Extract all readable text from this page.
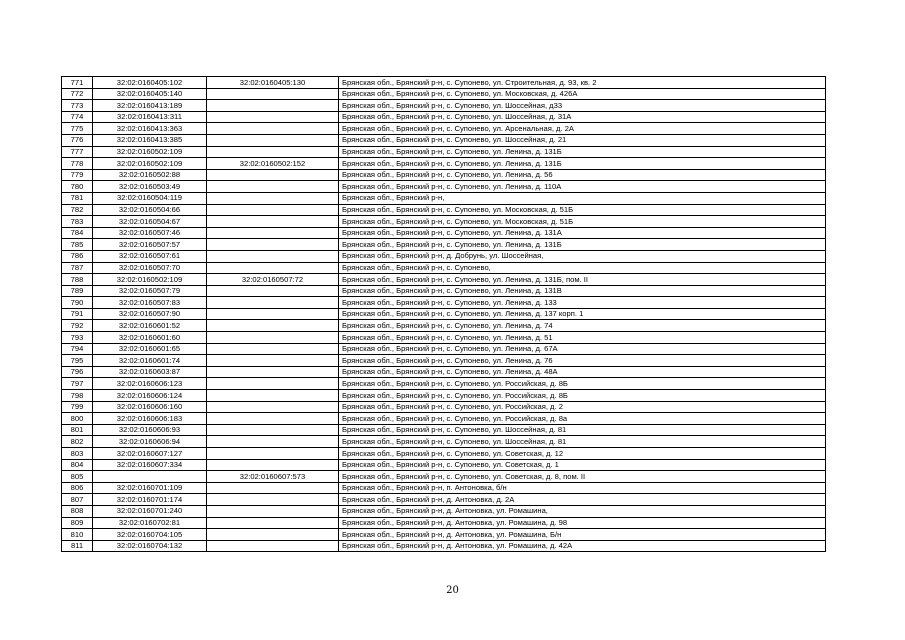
771	32:02:0160405:102	32:02:0160405:130	Брянская обл., Брянский р-н, с. Супонево, ул. Строительная, д. 93, кв. 2
772	32:02:0160405:140		Брянская обл., Брянский р-н, с. Супонево, ул. Московская, д. 426А
773	32:02:0160413:189		Брянская обл., Брянский р-н, с. Супонево, ул. Шоссейная, д33
774	32:02:0160413:311		Брянская обл., Брянский р-н, с. Супонево, ул. Шоссейная, д. 31А
775	32:02:0160413:363		Брянская обл., Брянский р-н, с. Супонево, ул. Арсенальная, д. 2А
776	32:02:0160413:385		Брянская обл., Брянский р-н, с. Супонево, ул. Шоссейная, д. 21
777	32:02:0160502:109		Брянская обл., Брянский р-н, с. Супонево, ул. Ленина, д. 131Б
778	32:02:0160502:109	32:02:0160502:152	Брянская обл., Брянский р-н, с. Супонево, ул. Ленина, д. 131Б
779	32:02:0160502:88		Брянская обл., Брянский р-н, с. Супонево, ул. Ленина, д. 56
780	32:02:0160503:49		Брянская обл., Брянский р-н, с. Супонево, ул. Ленина, д. 110А
781	32:02:0160504:119		Брянская обл., Брянский р-н,
782	32:02:0160504:66		Брянская обл., Брянский р-н, с. Супонево, ул. Московская, д. 51Б
783	32:02:0160504:67		Брянская обл., Брянский р-н, с. Супонево, ул. Московская, д. 51Б
784	32:02:0160507:46		Брянская обл., Брянский р-н, с. Супонево, ул. Ленина, д. 131А
785	32:02:0160507:57		Брянская обл., Брянский р-н, с. Супонево, ул. Ленина, д. 131Б
786	32:02:0160507:61		Брянская обл., Брянский р-н, д. Добрунь, ул. Шоссейная,
787	32:02:0160507:70		Брянская обл., Брянский р-н, с. Супонево,
788	32:02:0160502:109	32:02:0160507:72	Брянская обл., Брянский р-н, с. Супонево, ул. Ленина, д. 131Б, пом. II
789	32:02:0160507:79		Брянская обл., Брянский р-н, с. Супонево, ул. Ленина, д. 131В
790	32:02:0160507:83		Брянская обл., Брянский р-н, с. Супонево, ул. Ленина, д. 133
791	32:02:0160507:90		Брянская обл., Брянский р-н, с. Супонево, ул. Ленина, д. 137 корп. 1
792	32:02:0160601:52		Брянская обл., Брянский р-н, с. Супонево, ул. Ленина, д. 74
793	32:02:0160601:60		Брянская обл., Брянский р-н, с. Супонево, ул. Ленина, д. 51
794	32:02:0160601:65		Брянская обл., Брянский р-н, с. Супонево, ул. Ленина, д. 67А
795	32:02:0160601:74		Брянская обл., Брянский р-н, с. Супонево, ул. Ленина, д. 76
796	32:02:0160603:87		Брянская обл., Брянский р-н, с. Супонево, ул. Ленина, д. 48А
797	32:02:0160606:123		Брянская обл., Брянский р-н, с. Супонево, ул. Российская, д. 8Б
798	32:02:0160606:124		Брянская обл., Брянский р-н, с. Супонево, ул. Российская, д. 8Б
799	32:02:0160606:160		Брянская обл., Брянский р-н, с. Супонево, ул. Российская, д. 2
800	32:02:0160606:183		Брянская обл., Брянский р-н, с. Супонево, ул. Российская, д. 8а
801	32:02:0160606:93		Брянская обл., Брянский р-н, с. Супонево, ул. Шоссейная, д. 81
802	32:02:0160606:94		Брянская обл., Брянский р-н, с. Супонево, ул. Шоссейная, д. 81
803	32:02:0160607:127		Брянская обл., Брянский р-н, с. Супонево, ул. Советская, д. 12
804	32:02:0160607:334		Брянская обл., Брянский р-н, с. Супонево, ул. Советская, д. 1
805		32:02:0160607:573	Брянская обл., Брянский р-н, с. Супонево, ул. Советская, д. 8, пом. II
806	32:02:0160701:109		Брянская обл., Брянский р-н, п. Антоновка, б/н
807	32:02:0160701:174		Брянская обл., Брянский р-н, д. Антоновка, д. 2А
808	32:02:0160701:240		Брянская обл., Брянский р-н, д. Антоновка, ул. Ромашина,
809	32:02:0160702:81		Брянская обл., Брянский р-н, д. Антоновка, ул. Ромашина, д. 98
810	32:02:0160704:105		Брянская обл., Брянский р-н, д. Антоновка, ул. Ромашина, Б/н
811	32:02:0160704:132		Брянская обл., Брянский р-н, д. Антоновка, ул. Ромашина, д. 42А
20
